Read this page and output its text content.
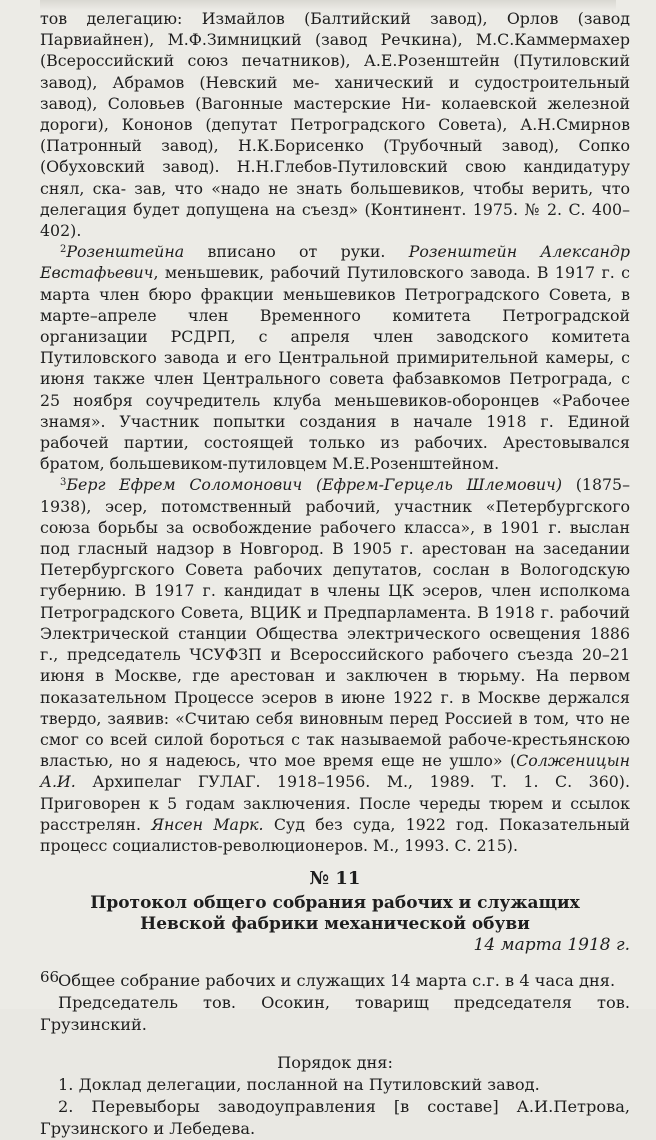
тов делегацию: Измайлов (Балтийский завод), Орлов (завод Парвиайнен), М.Ф.Зимницкий (завод Речкина), М.С.Каммермахер (Всероссийский союз печатников), А.Е.Розенштейн (Путиловский завод), Абрамов (Невский ме- ханический и судостроительный завод), Соловьев (Вагонные мастерские Ни- колаевской железной дороги), Кононов (депутат Петроградского Совета), А.Н.Смирнов (Патронный завод), Н.К.Борисенко (Трубочный завод), Сопко (Обуховский завод). Н.Н.Глебов-Путиловский свою кандидатуру снял, ска- зав, что «надо не знать большевиков, чтобы верить, что делегация будет допущена на съезд» (Континент. 1975. № 2. С. 400–402).

$^2$Розенштейна вписано от руки. Розенштейн Александр Евстафьевич, меньшевик, рабочий Путиловского завода. В 1917 г. с марта член бюро фракции меньшевиков Петроградского Совета, в марте–апреле член Временного комитета Петроградской организации РСДРП, с апреля член заводского комитета Путиловского завода и его Центральной примирительной камеры, с июня также член Центрального совета фабзавкомов Петрограда, с 25 ноября соучредитель клуба меньшевиков-оборонцев «Рабочее знамя». Участник попытки создания в начале 1918 г. Единой рабочей партии, состоящей только из рабочих. Арестовывался братом, большевиком-путиловцем М.Е.Розенштейном.

$^3$Берг Ефрем Соломонович (Ефрем-Герцель Шлемович) (1875–1938), эсер, потомственный рабочий, участник «Петербургского союза борьбы за освобождение рабочего класса», в 1901 г. выслан под гласный надзор в Новгород. В 1905 г. арестован на заседании Петербургского Совета рабочих депутатов, сослан в Вологодскую губернию. В 1917 г. кандидат в члены ЦК эсеров, член исполкома Петроградского Совета, ВЦИК и Предпарламента. В 1918 г. рабочий Электрической станции Общества электрического освещения 1886 г., председатель ЧСУФЗП и Всероссийского рабочего съезда 20–21 июня в Москве, где арестован и заключен в тюрьму. На первом показательном Процессе эсеров в июне 1922 г. в Москве держался твердо, заявив: «Считаю себя виновным перед Россией в том, что не смог со всей силой бороться с так называемой рабоче-крестьянскою властью, но я надеюсь, что мое время еще не ушло» (Солженицын А.И. Архипелаг ГУЛАГ. 1918–1956. М., 1989. Т. 1. С. 360). Приговорен к 5 годам заключения. После череды тюрем и ссылок расстрелян. Янсен Марк. Суд без суда, 1922 год. Показательный процесс социалистов-революционеров. М., 1993. С. 215).

№ 11
Протокол общего собрания рабочих и служащих
Невской фабрики механической обуви
14 марта 1918 г.

Общее собрание рабочих и служащих 14 марта с.г. в 4 часа дня.

Председатель тов. Осокин, товарищ председателя тов. Грузинский.

Порядок дня:

1. Доклад делегации, посланной на Путиловский завод.

2. Перевыборы заводоуправления [в составе] А.И.Петрова, Грузинского и Лебедева.

66
